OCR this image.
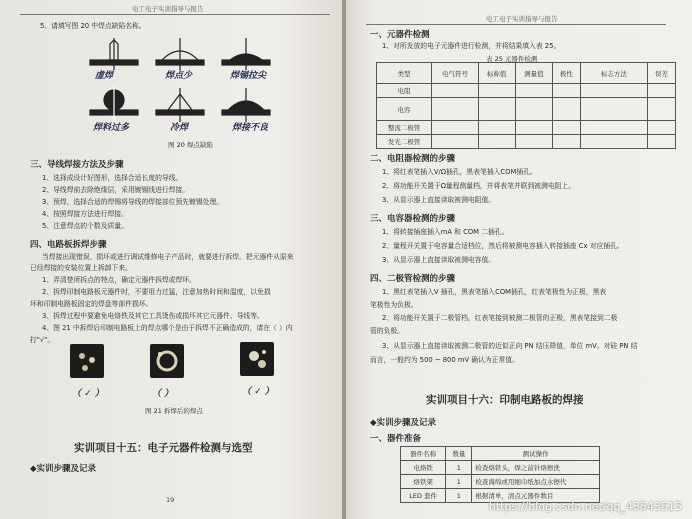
电工电子实训指导与报告
5、请填写图 20 中焊点缺陷名称。
虚焊	焊点少	焊锡拉尖
焊料过多	冷焊	焊接不良
图 20 焊点缺陷
三、导线焊接方法及步骤
1、选择成设计好图形，选择合适长度的导线。
2、导线焊前去除绝缘层，采用镀锡线进行焊接。
3、预焊，选择合适的焊锡将导线的焊接部位预先镀锡处理。
4、按照焊接方法进行焊接。
5、注意焊点的个数及质量。
四、电路板拆焊步骤
当焊接出现错误、损坏或进行调试维修电子产品时，就要进行拆焊。把元器件从原来
已经焊接的安装位置上拆卸下来。
1、弄清楚所拆点的特点，确定元器件拆焊或焊环。
2、拆焊印制电路板元器件时，不要用力过猛，注意加热时间和温度，以免损
坏和印制电路板固定的焊盘等部件损坏。
3、拆焊过程中要避免电烙铁及其它工具烫伤或损坏其它元器件、导线等。
4、图 21 中拆焊后印制电路板上的焊点哪个是由于拆焊不正确造成的，请在（ ）内
打"√"。
（ ✓ ）	（ ）	（ ✓ ）
图 21 拆焊后的焊点
实训项目十五：电子元器件检测与选型
◆实训步骤及记录
19
电工电子实训指导与报告
一、元器件检测
1、对所发放的电子元器件进行检测，并将结果填入表 25。
表 25 元器件检测
类型	电气符号	标称值	测量值	极性	标志方法	误差
电阻						
电容						
整流二极管						
发光二极管						
二、电阻器检测的步骤
1、将红表笔插入V/Ω插孔，黑表笔插入COM插孔。
2、将功能开关置于Ω量程测量档，并将表笔并联到被测电阻上。
3、从显示器上直接读取被测电阻值。
三、电容器检测的步骤
1、将转接插座插入mA 和 COM 二插孔。
2、量程开关置于电容量合适档位，然后将被测电容插入转接插座 Cx 对应插孔。
3、从显示器上直接读取被测电容值。
四、二极管检测的步骤
1、黑红表笔插入V 插孔，黑表笔插入COM插孔，红表笔极性为正极，黑表
笔极性为负极。
2、将功能开关置于二极管档，红表笔接到被测二极管的正极，黑表笔接到二极
管的负极。
3、从显示器上直接读取被测二极管的近似正向 PN 结压降值，单位 mV。对硅 PN 结
而言，一般约为 500 ~ 800 mV 确认为正常值。
实训项目十六：印制电路板的焊接
◆实训步骤及记录
一、器件准备
器件名称	数量	测试操作
电烙铁	1	检查烙铁头，焊之前针烙擦洗
烙铁架	1	检查海绵或用细巾纸加点水擦代
LED 套件	1	根据清单，清点元器件数目
https://blog.csdn.net/qq_43543515
